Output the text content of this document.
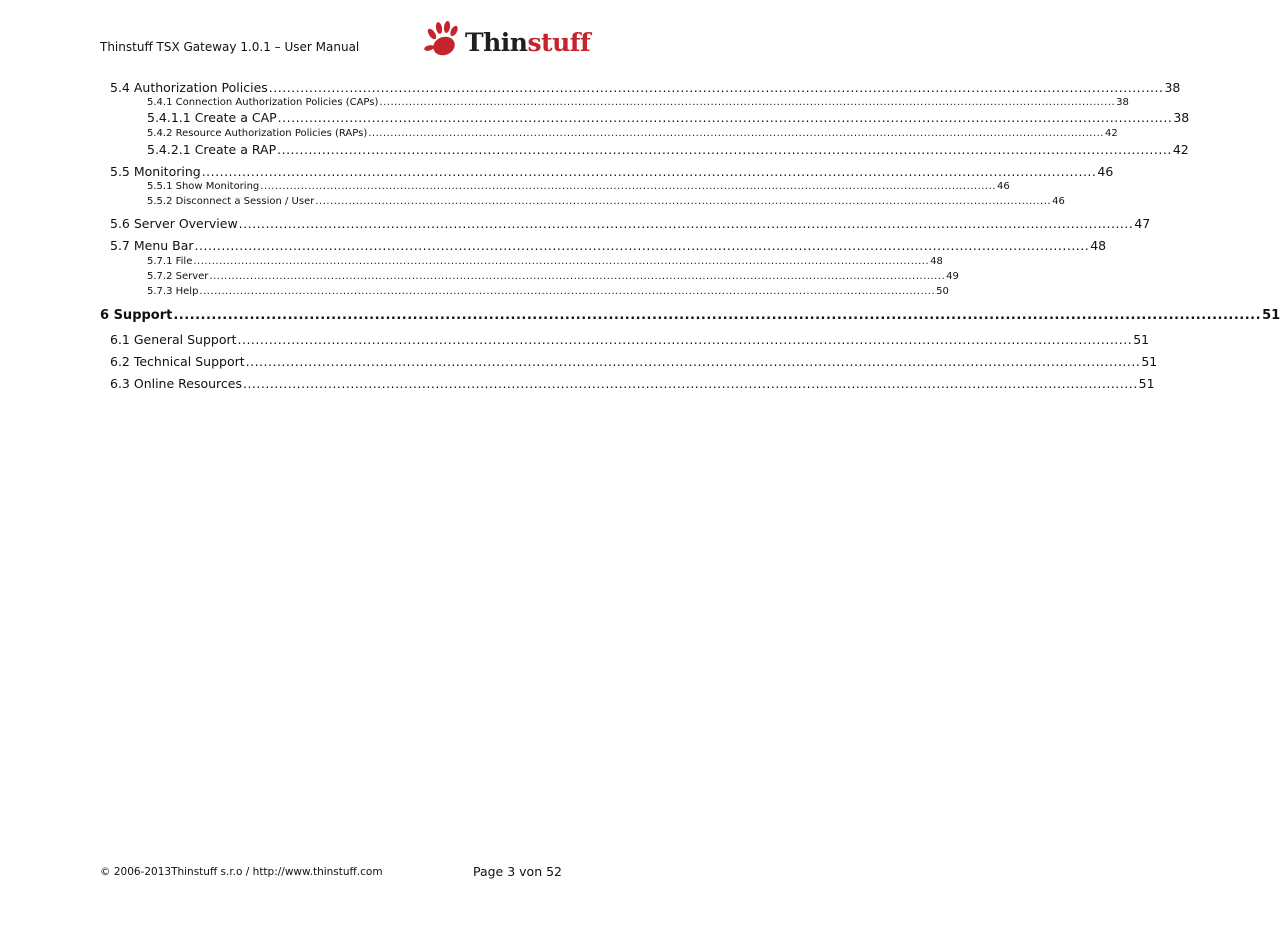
Thinstuff TSX Gateway 1.0.1 – User Manual	Thinstuff
5.4 Authorization Policies ........................................................................................................................................................................................................ 38
5.4.1 Connection Authorization Policies (CAPs) ........................................................................................................................................................................................................ 38
5.4.1.1 Create a CAP ........................................................................................................................................................................................................ 38
5.4.2 Resource Authorization Policies (RAPs) ........................................................................................................................................................................................................ 42
5.4.2.1 Create a RAP ........................................................................................................................................................................................................ 42
5.5 Monitoring ........................................................................................................................................................................................................ 46
5.5.1 Show Monitoring ........................................................................................................................................................................................................ 46
5.5.2 Disconnect a Session / User ........................................................................................................................................................................................................ 46
5.6 Server Overview ........................................................................................................................................................................................................ 47
5.7 Menu Bar ........................................................................................................................................................................................................ 48
5.7.1 File ........................................................................................................................................................................................................ 48
5.7.2 Server ........................................................................................................................................................................................................ 49
5.7.3 Help ........................................................................................................................................................................................................ 50
6 Support ........................................................................................................................................................................................................ 51
6.1 General Support ........................................................................................................................................................................................................ 51
6.2 Technical Support ........................................................................................................................................................................................................ 51
6.3 Online Resources ........................................................................................................................................................................................................ 51
© 2006-2013Thinstuff s.r.o / http://www.thinstuff.com	Page 3 von 52
